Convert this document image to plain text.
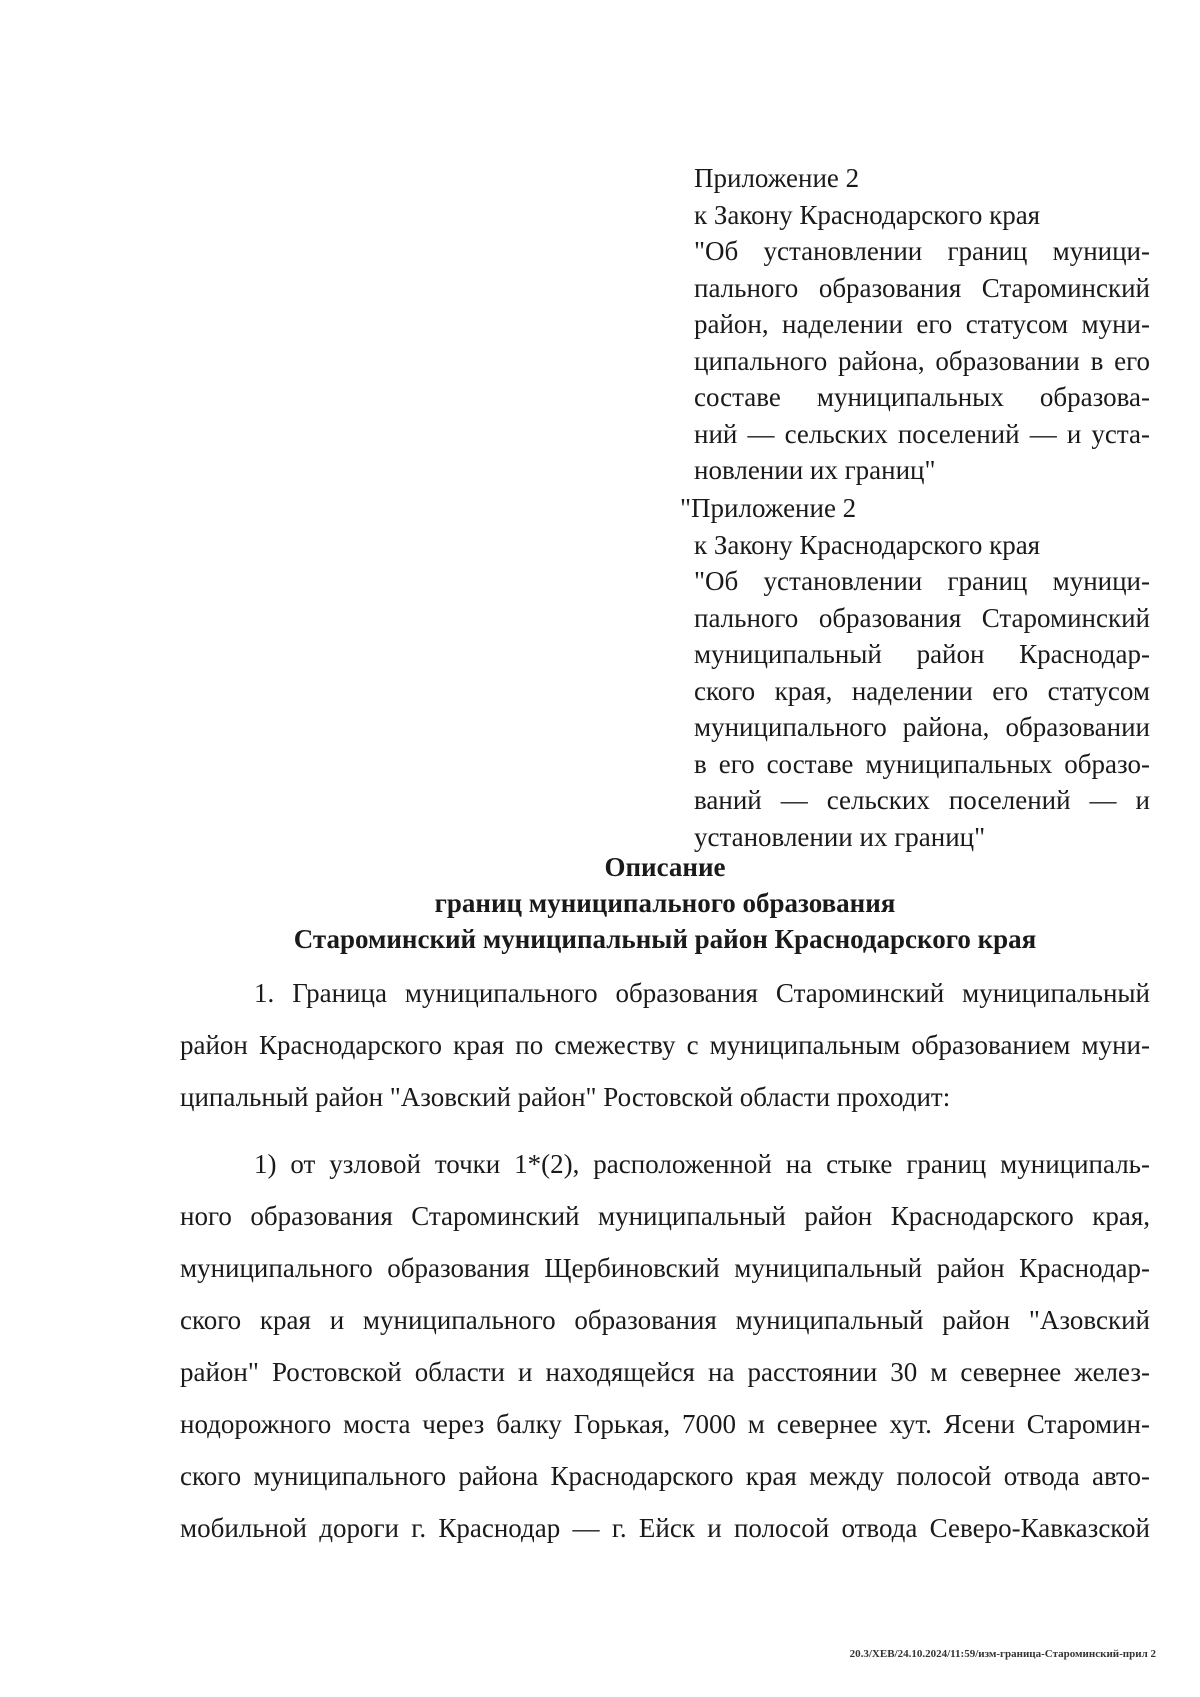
Приложение 2
к Закону Краснодарского края
"Об установлении границ муници-
пального образования Староминский
район, наделении его статусом муни-
ципального района, образовании в его
составе муниципальных образова-
ний — сельских поселений — и уста-
новлении их границ"
"Приложение 2
к Закону Краснодарского края
"Об установлении границ муници-
пального образования Староминский
муниципальный район Краснодар-
ского края, наделении его статусом
муниципального района, образовании
в его составе муниципальных образо-
ваний — сельских поселений — и
установлении их границ"
Описание
границ муниципального образования
Староминский муниципальный район Краснодарского края
1. Граница муниципального образования Староминский муниципальный
район Краснодарского края по смежеству с муниципальным образованием муни-
ципальный район "Азовский район" Ростовской области проходит:
1) от узловой точки 1*(2), расположенной на стыке границ муниципаль-
ного образования Староминский муниципальный район Краснодарского края,
муниципального образования Щербиновский муниципальный район Краснодар-
ского края и муниципального образования муниципальный район "Азовский
район" Ростовской области и находящейся на расстоянии 30 м севернее желез-
нодорожного моста через балку Горькая, 7000 м севернее хут. Ясени Старомин-
ского муниципального района Краснодарского края между полосой отвода авто-
мобильной дороги г. Краснодар — г. Ейск и полосой отвода Северо-Кавказской
20.3/XEB/24.10.2024/11:59/изм-граница-Староминский-прил 2
